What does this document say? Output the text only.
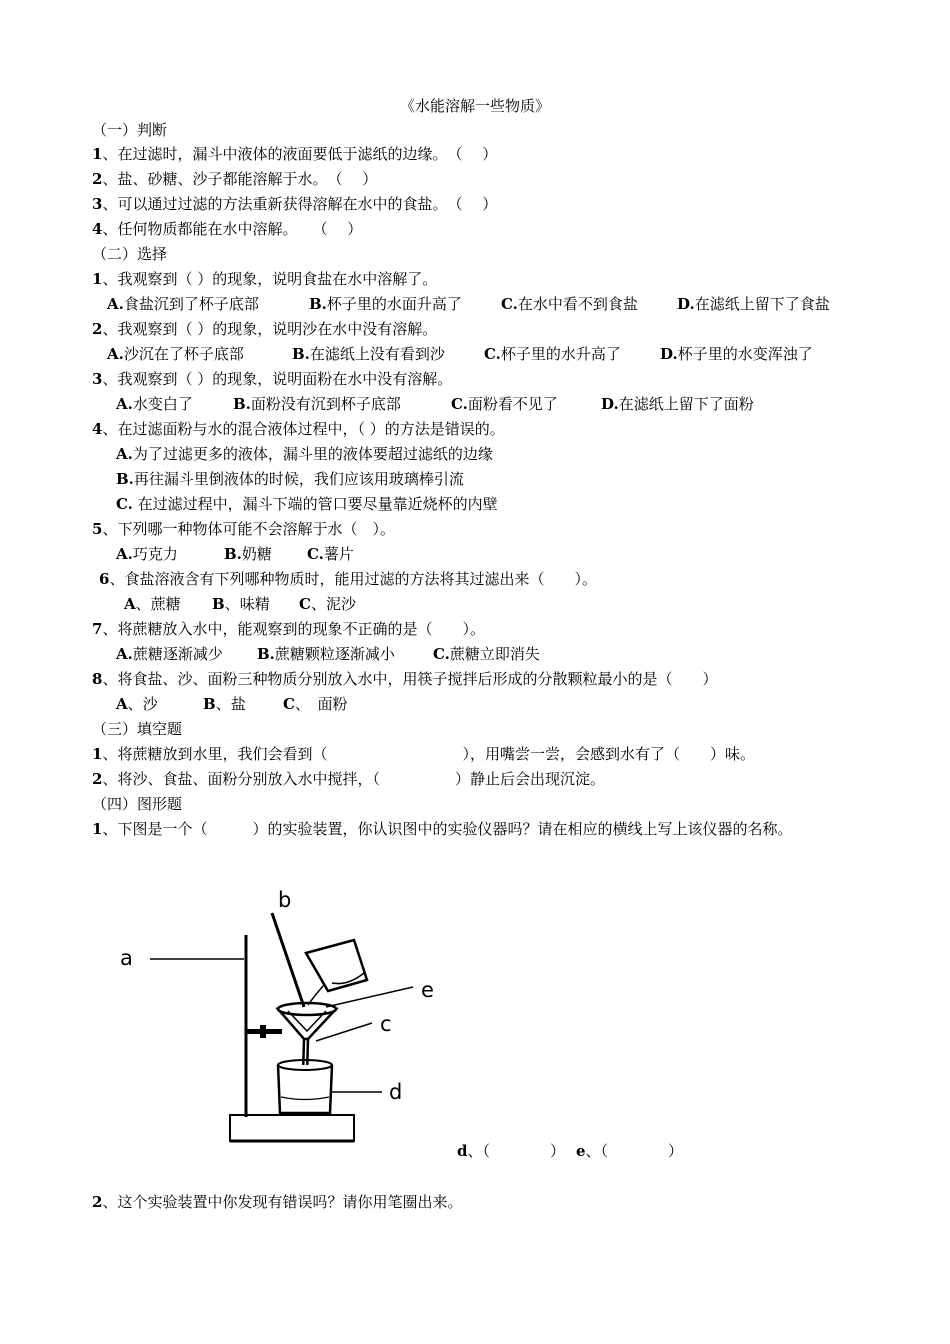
《水能溶解一些物质》
（一）判断
1、在过滤时，漏斗中液体的液面要低于滤纸的边缘。　（　 ）
2、盐、砂糖、沙子都能溶解于水。　（　 ）
3、可以通过过滤的方法重新获得溶解在水中的食盐。　（　 ）
4、任何物质都能在水中溶解。　　（　 ）
（二）选择
1、我观察到（ ）的现象，说明食盐在水中溶解了。
A.食盐沉到了杯子底部	B.杯子里的水面升高了	C.在水中看不到食盐	D.在滤纸上留下了食盐
2、我观察到（ ）的现象，说明沙在水中没有溶解。
A.沙沉在了杯子底部	B.在滤纸上没有看到沙	C.杯子里的水升高了	D.杯子里的水变浑浊了
3、我观察到（ ）的现象，说明面粉在水中没有溶解。
A.水变白了	B.面粉没有沉到杯子底部	C.面粉看不见了	D.在滤纸上留下了面粉
4、在过滤面粉与水的混合液体过程中，（ ）的方法是错误的。
A.为了过滤更多的液体，漏斗里的液体要超过滤纸的边缘
B.再往漏斗里倒液体的时候，我们应该用玻璃棒引流
C. 在过滤过程中，漏斗下端的管口要尽量靠近烧杯的内壁
5、下列哪一种物体可能不会溶解于水（　）。
A.巧克力	B.奶糖 C.薯片
6、食盐溶液含有下列哪种物质时，能用过滤的方法将其过滤出来（　　）。
A、蔗糖 B、味精 C、泥沙
7、将蔗糖放入水中，能观察到的现象不正确的是（　　）。
A.蔗糖逐渐减少 B.蔗糖颗粒逐渐减小	C.蔗糖立即消失
8、将食盐、沙、面粉三种物质分别放入水中，用筷子搅拌后形成的分散颗粒最小的是（　　）
A、沙	B、盐 C、　面粉
（三）填空题
1、将蔗糖放到水里，我们会看到（　　　　　　　　　），用嘴尝一尝，会感到水有了（　　）味。
2、将沙、食盐、面粉分别放入水中搅拌，（　　　　　）静止后会出现沉淀。
（四）图形题
1、下图是一个（　　　）的实验装置，你认识图中的实验仪器吗？请在相应的横线上写上该仪器的名称。
a
b
e
c
d
d、（　　　　） e、（　　　　）
2、这个实验装置中你发现有错误吗？请你用笔圈出来。
